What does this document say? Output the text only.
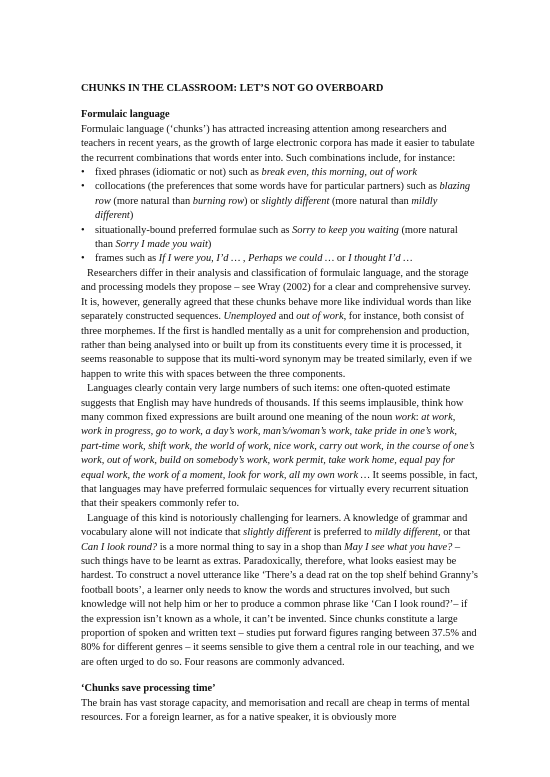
CHUNKS IN THE CLASSROOM: LET’S NOT GO OVERBOARD

Formulaic language

Formulaic language (‘chunks’) has attracted increasing attention among researchers and teachers in recent years, as the growth of large electronic corpora has made it easier to tabulate the recurrent combinations that words enter into. Such combinations include, for instance:

• fixed phrases (idiomatic or not) such as break even, this morning, out of work
• collocations (the preferences that some words have for particular partners) such as blazing row (more natural than burning row) or slightly different (more natural than mildly different)
• situationally-bound preferred formulae such as Sorry to keep you waiting (more natural than Sorry I made you wait)
• frames such as If I were you, I’d … , Perhaps we could … or I thought I’d …

Researchers differ in their analysis and classification of formulaic language, and the storage and processing models they propose – see Wray (2002) for a clear and comprehensive survey. It is, however, generally agreed that these chunks behave more like individual words than like separately constructed sequences. Unemployed and out of work, for instance, both consist of three morphemes. If the first is handled mentally as a unit for comprehension and production, rather than being analysed into or built up from its constituents every time it is processed, it seems reasonable to suppose that its multi-word synonym may be treated similarly, even if we happen to write this with spaces between the three components.

Languages clearly contain very large numbers of such items: one often-quoted estimate suggests that English may have hundreds of thousands. If this seems implausible, think how many common fixed expressions are built around one meaning of the noun work: at work, work in progress, go to work, a day’s work, man’s/woman’s work, take pride in one’s work, part-time work, shift work, the world of work, nice work, carry out work, in the course of one’s work, out of work, build on somebody’s work, work permit, take work home, equal pay for equal work, the work of a moment, look for work, all my own work … It seems possible, in fact, that languages may have preferred formulaic sequences for virtually every recurrent situation that their speakers commonly refer to.

Language of this kind is notoriously challenging for learners. A knowledge of grammar and vocabulary alone will not indicate that slightly different is preferred to mildly different, or that Can I look round? is a more normal thing to say in a shop than May I see what you have? – such things have to be learnt as extras. Paradoxically, therefore, what looks easiest may be hardest. To construct a novel utterance like ‘There’s a dead rat on the top shelf behind Granny’s football boots’, a learner only needs to know the words and structures involved, but such knowledge will not help him or her to produce a common phrase like ‘Can I look round?’– if the expression isn’t known as a whole, it can’t be invented. Since chunks constitute a large proportion of spoken and written text – studies put forward figures ranging between 37.5% and 80% for different genres – it seems sensible to give them a central role in our teaching, and we are often urged to do so. Four reasons are commonly advanced.

‘Chunks save processing time’

The brain has vast storage capacity, and memorisation and recall are cheap in terms of mental resources. For a foreign learner, as for a native speaker, it is obviously more
